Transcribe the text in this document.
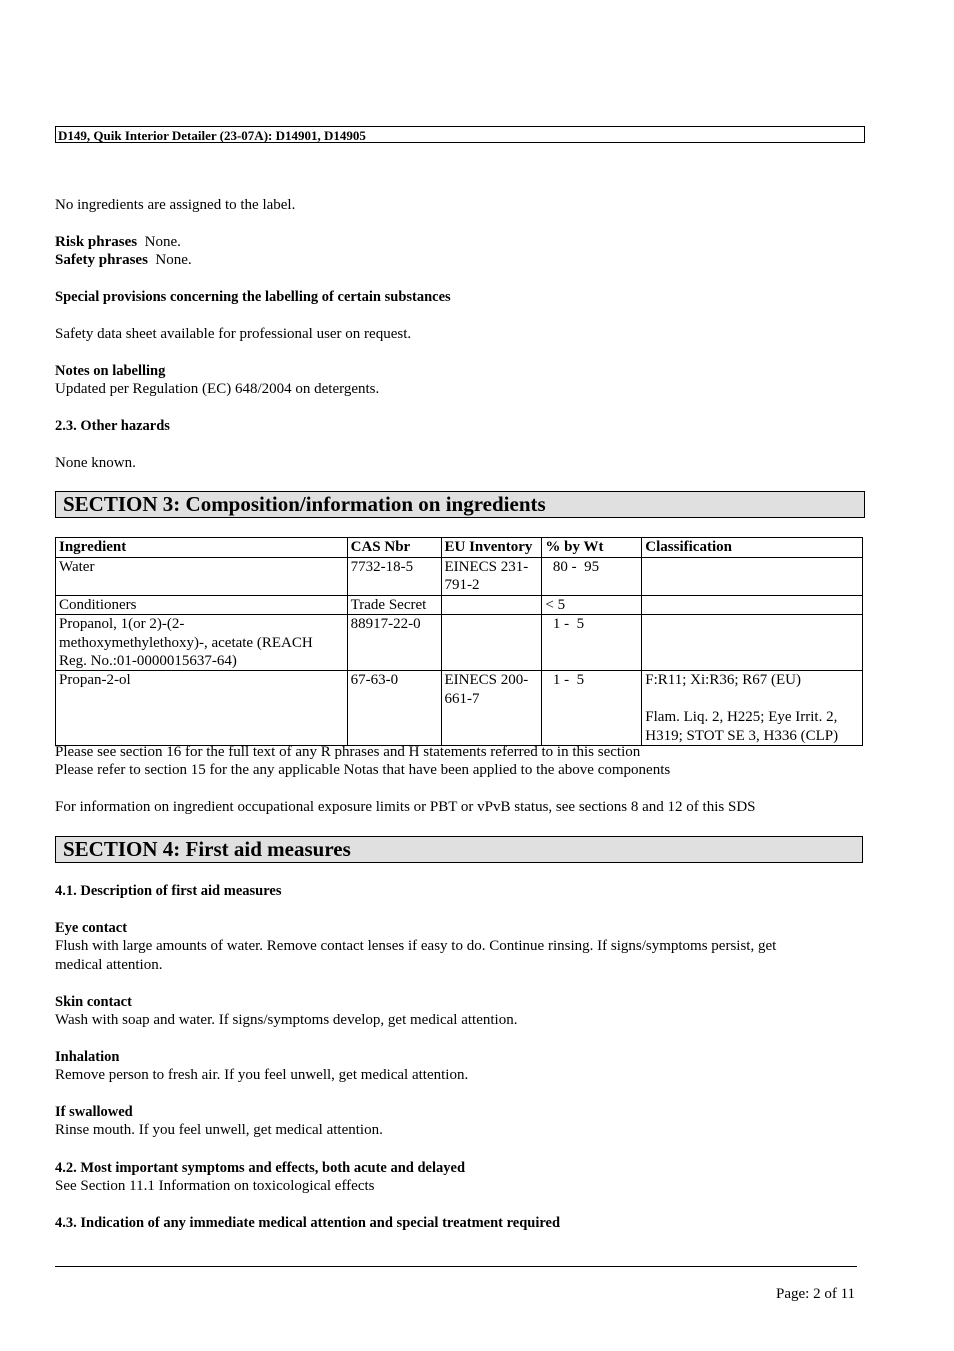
D149, Quik Interior Detailer (23-07A): D14901, D14905
No ingredients are assigned to the label.
Risk phrases None.
Safety phrases None.
Special provisions concerning the labelling of certain substances
Safety data sheet available for professional user on request.
Notes on labelling
Updated per Regulation (EC) 648/2004 on detergents.
2.3. Other hazards
None known.
SECTION 3: Composition/information on ingredients
Ingredient	CAS Nbr	EU Inventory	% by Wt	Classification
Water	7732-18-5	EINECS 231-
791-2	80 -  95	
Conditioners	Trade Secret		< 5	
Propanol, 1(or 2)-(2-
methoxymethylethoxy)-, acetate (REACH
Reg. No.:01-0000015637-64)	88917-22-0		1 -  5	
Propan-2-ol	67-63-0	EINECS 200-
661-7	1 -  5	F:R11; Xi:R36; R67 (EU)

Flam. Liq. 2, H225; Eye Irrit. 2,
H319; STOT SE 3, H336 (CLP)
Please see section 16 for the full text of any R phrases and H statements referred to in this section
Please refer to section 15 for the any applicable Notas that have been applied to the above components
For information on ingredient occupational exposure limits or PBT or vPvB status, see sections 8 and 12 of this SDS
SECTION 4: First aid measures
4.1. Description of first aid measures
Eye contact
Flush with large amounts of water. Remove contact lenses if easy to do. Continue rinsing. If signs/symptoms persist, get
medical attention.
Skin contact
Wash with soap and water. If signs/symptoms develop, get medical attention.
Inhalation
Remove person to fresh air. If you feel unwell, get medical attention.
If swallowed
Rinse mouth. If you feel unwell, get medical attention.
4.2. Most important symptoms and effects, both acute and delayed
See Section 11.1 Information on toxicological effects
4.3. Indication of any immediate medical attention and special treatment required
Page: 2 of 11
